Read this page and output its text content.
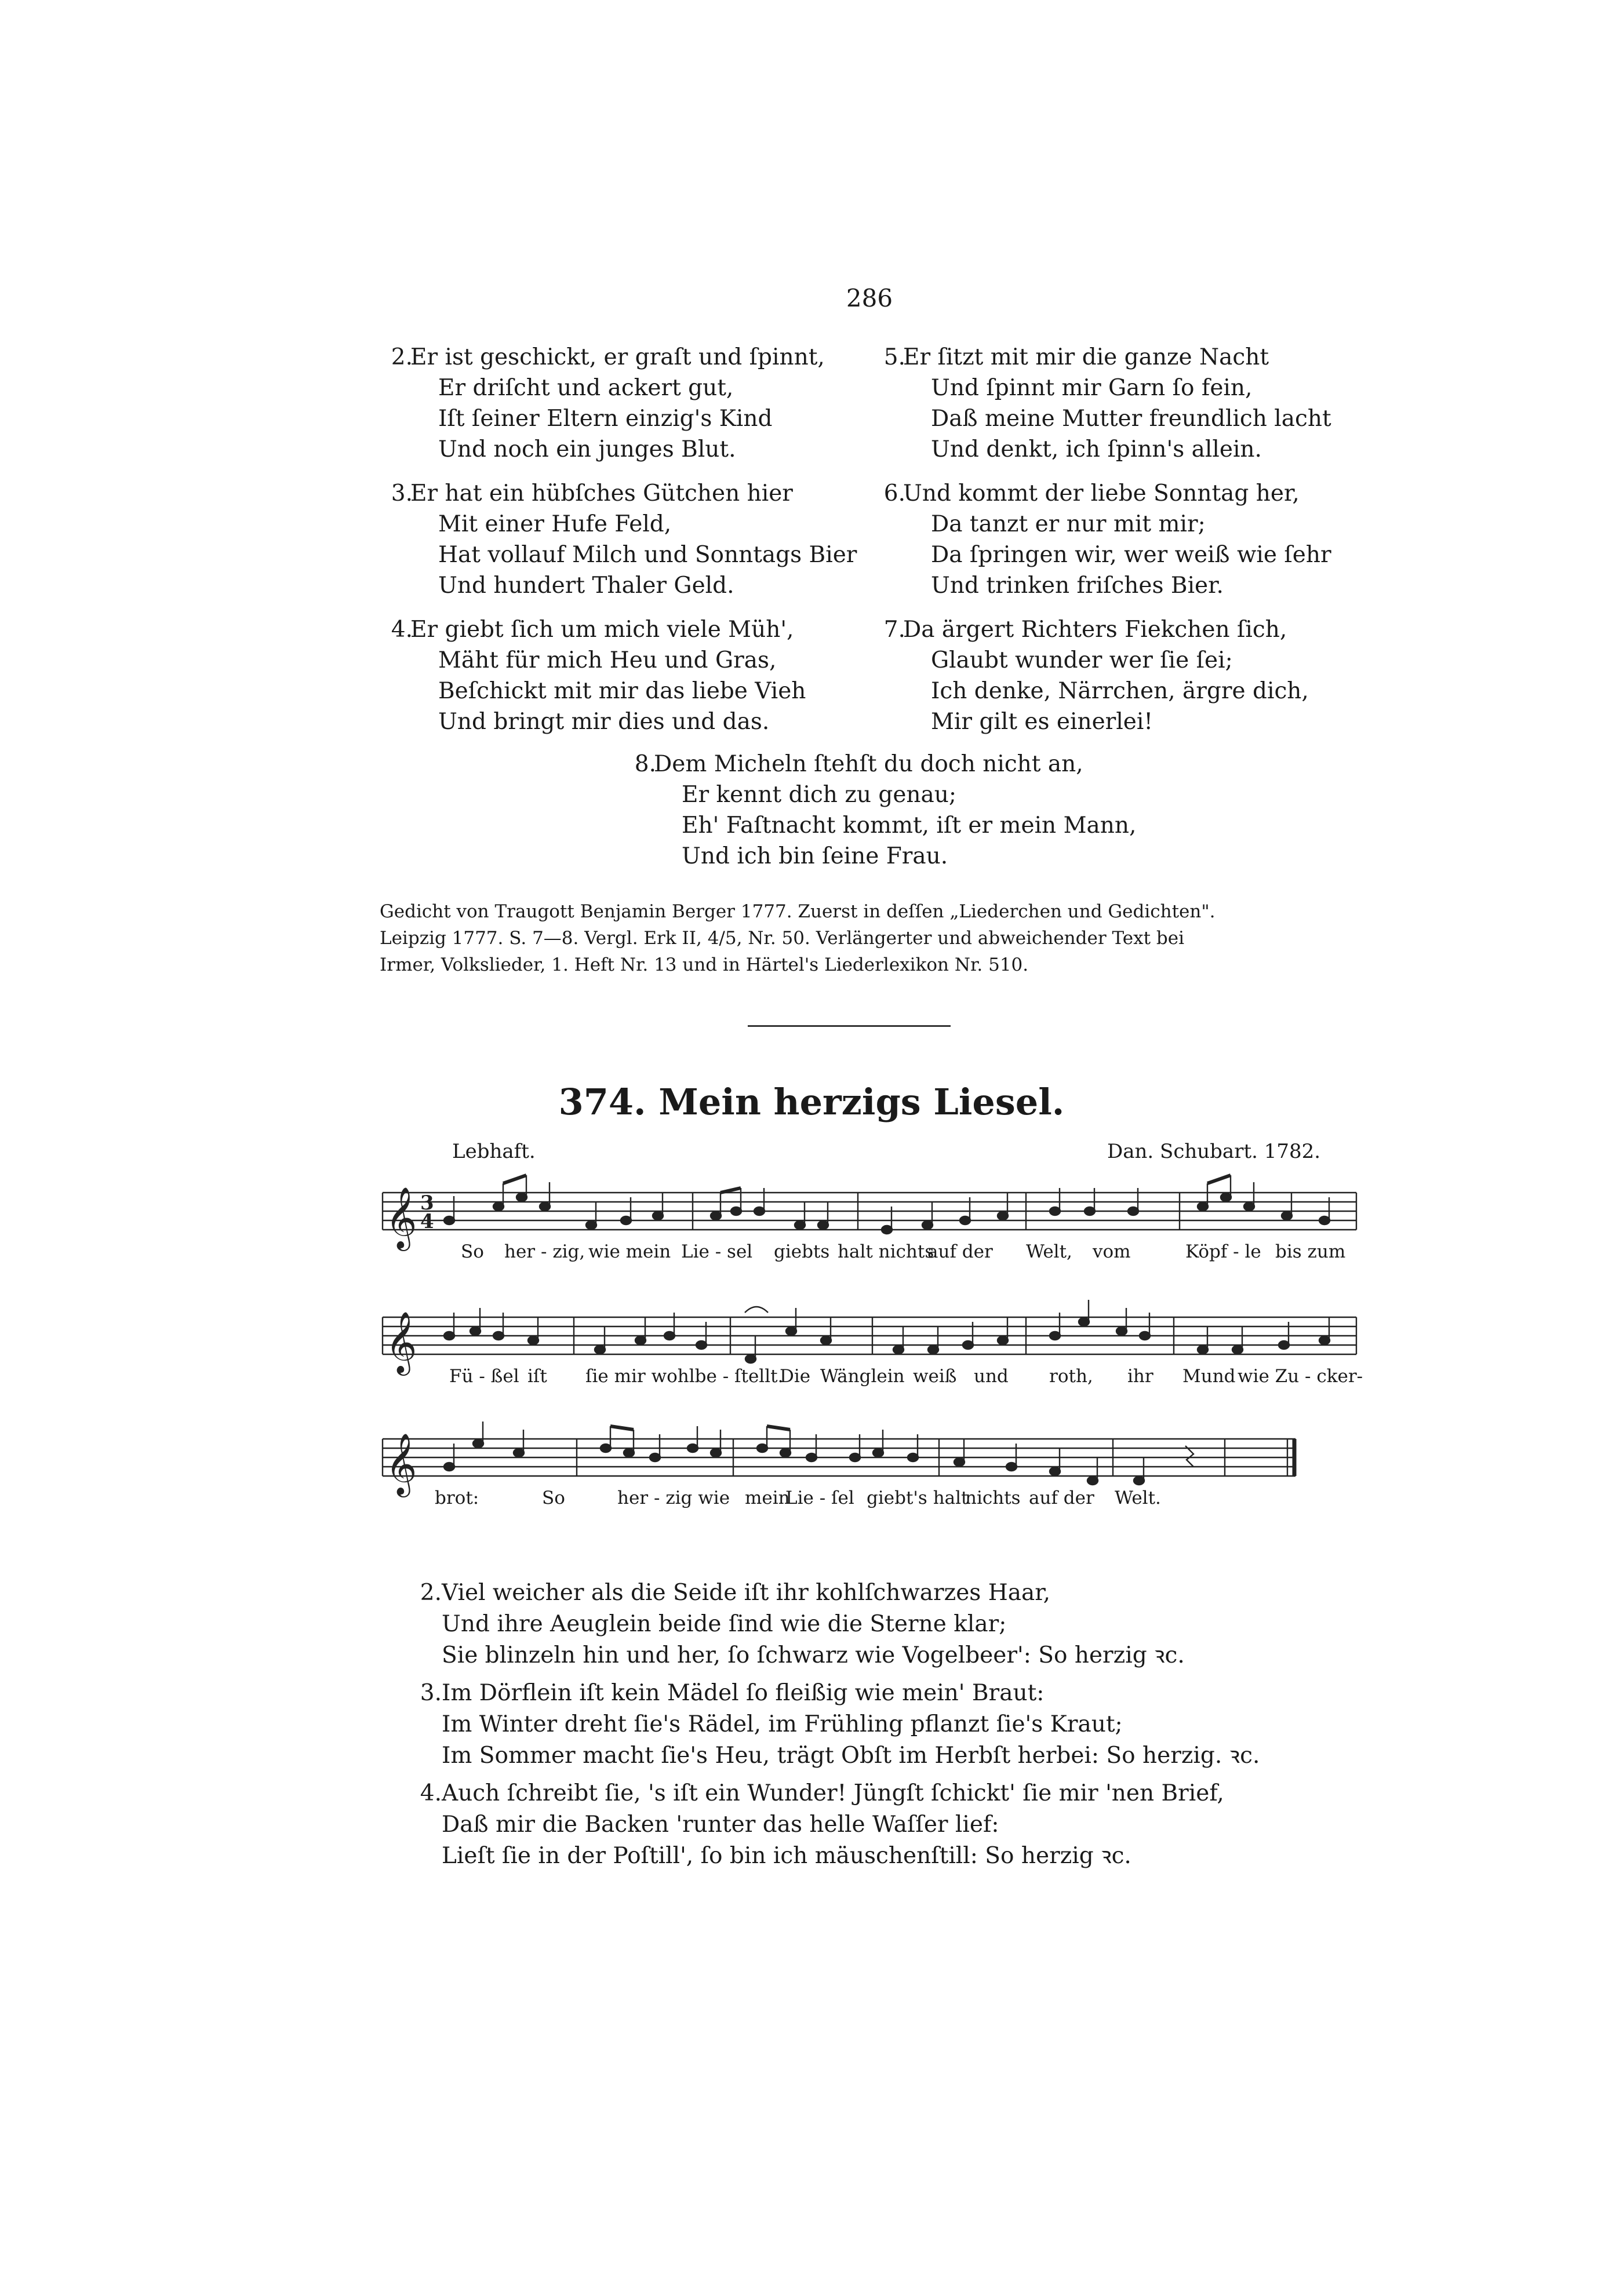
286
2.
Er ist geschickt, er graſt und ſpinnt,
Er driſcht und ackert gut,
Iſt ſeiner Eltern einzig's Kind
Und noch ein junges Blut.
3.
Er hat ein hübſches Gütchen hier
Mit einer Hufe Feld,
Hat vollauf Milch und Sonntags Bier
Und hundert Thaler Geld.
4.
Er giebt ſich um mich viele Müh',
Mäht für mich Heu und Gras,
Beſchickt mit mir das liebe Vieh
Und bringt mir dies und das.
5.
Er ſitzt mit mir die ganze Nacht
Und ſpinnt mir Garn ſo fein,
Daß meine Mutter freundlich lacht
Und denkt, ich ſpinn's allein.
6.
Und kommt der liebe Sonntag her,
Da tanzt er nur mit mir;
Da ſpringen wir, wer weiß wie ſehr
Und trinken friſches Bier.
7.
Da ärgert Richters Fiekchen ſich,
Glaubt wunder wer ſie ſei;
Ich denke, Närrchen, ärgre dich,
Mir gilt es einerlei!
8.
Dem Micheln ſtehſt du doch nicht an,
Er kennt dich zu genau;
Eh' Faſtnacht kommt, iſt er mein Mann,
Und ich bin ſeine Frau.
Gedicht von Traugott Benjamin Berger 1777. Zuerst in deſſen „Liederchen und Gedichten".
Leipzig 1777. S. 7—8. Vergl. Erk II, 4/5, Nr. 50. Verlängerter und abweichender Text bei
Irmer, Volkslieder, 1. Heft Nr. 13 und in Härtel's Liederlexikon Nr. 510.
374. Mein herzigs Liesel.
Lebhaft.	Dan. Schubart. 1782.
𝄞 3
4
So her - zig, wie mein Lie - sel giebts halt nichts
auf der Welt, vom	Köpf - le bis zum
𝄞
Fü - ßel iſt ſie mir wohlbe - ſtellt.
Die Wänglein weiß und roth, ihr Mund wie Zu - cker-
𝄞
brot:	So	her - zig wie mein
Lie - ſel giebt's halt
nichts auf der Welt.
2. Viel weicher als die Seide iſt ihr kohlſchwarzes Haar,
Und ihre Aeuglein beide ſind wie die Sterne klar;
Sie blinzeln hin und her, ſo ſchwarz wie Vogelbeer': So herzig ꝛc.
3. Im Dörflein iſt kein Mädel ſo fleißig wie mein' Braut:
Im Winter dreht ſie's Rädel, im Frühling pflanzt ſie's Kraut;
Im Sommer macht ſie's Heu, trägt Obſt im Herbſt herbei: So herzig. ꝛc.
4. Auch ſchreibt ſie, 's iſt ein Wunder! Jüngſt ſchickt' ſie mir 'nen Brief,
Daß mir die Backen 'runter das helle Waſſer lief:
Lieſt ſie in der Poſtill', ſo bin ich mäuschenſtill: So herzig ꝛc.
